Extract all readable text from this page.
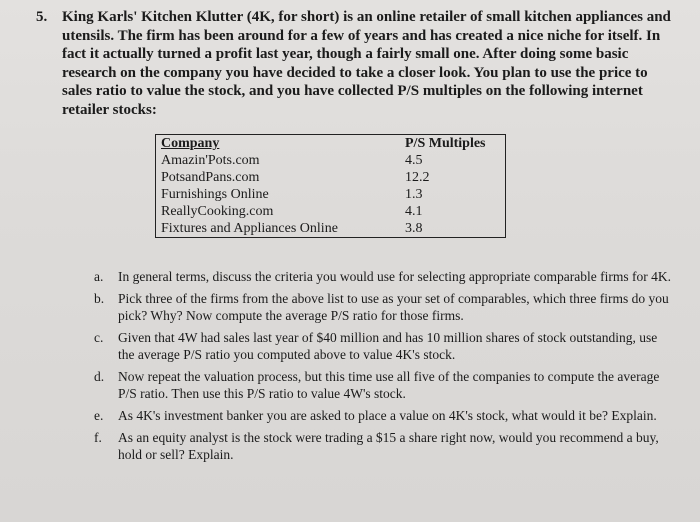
5. King Karls' Kitchen Klutter (4K, for short) is an online retailer of small kitchen appliances and utensils. The firm has been around for a few of years and has created a nice niche for itself. In fact it actually turned a profit last year, though a fairly small one. After doing some basic research on the company you have decided to take a closer look. You plan to use the price to sales ratio to value the stock, and you have collected P/S multiples on the following internet retailer stocks:
Company	P/S Multiples
Amazin'Pots.com	4.5
PotsandPans.com	12.2
Furnishings Online	1.3
ReallyCooking.com	4.1
Fixtures and Appliances Online	3.8
a. In general terms, discuss the criteria you would use for selecting appropriate comparable firms for 4K.
b. Pick three of the firms from the above list to use as your set of comparables, which three firms do you pick? Why? Now compute the average P/S ratio for those firms.
c. Given that 4W had sales last year of $40 million and has 10 million shares of stock outstanding, use the average P/S ratio you computed above to value 4K's stock.
d. Now repeat the valuation process, but this time use all five of the companies to compute the average P/S ratio. Then use this P/S ratio to value 4W's stock.
e. As 4K's investment banker you are asked to place a value on 4K's stock, what would it be? Explain.
f. As an equity analyst is the stock were trading a $15 a share right now, would you recommend a buy, hold or sell? Explain.
